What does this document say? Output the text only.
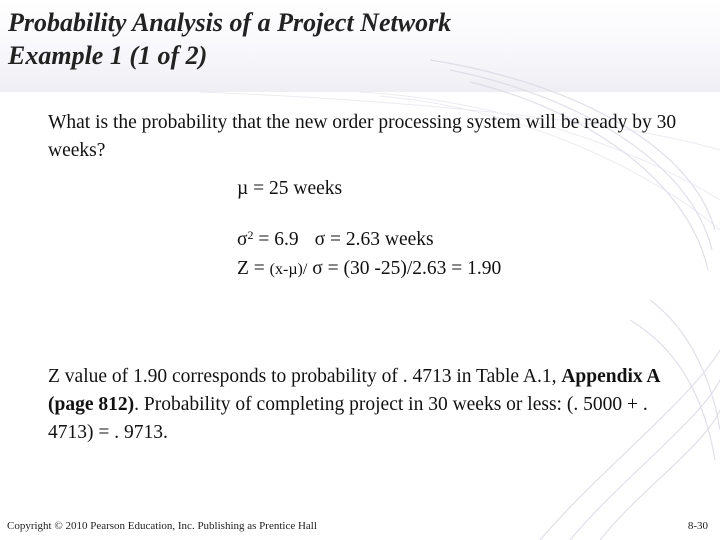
Probability Analysis of a Project Network
Example 1 (1 of 2)

What is the probability that the new order processing system will be ready by 30 weeks?

µ = 25 weeks

$\sigma^2 = 6.9$ σ = 2.63 weeks

Z = (x-µ)/ σ = (30 -25)/2.63 = 1.90

Z value of 1.90 corresponds to probability of . 4713 in Table A.1, Appendix A (page 812). Probability of completing project in 30 weeks or less: (. 5000 + . 4713) = . 9713.

Copyright © 2010 Pearson Education, Inc. Publishing as Prentice Hall	8-30
